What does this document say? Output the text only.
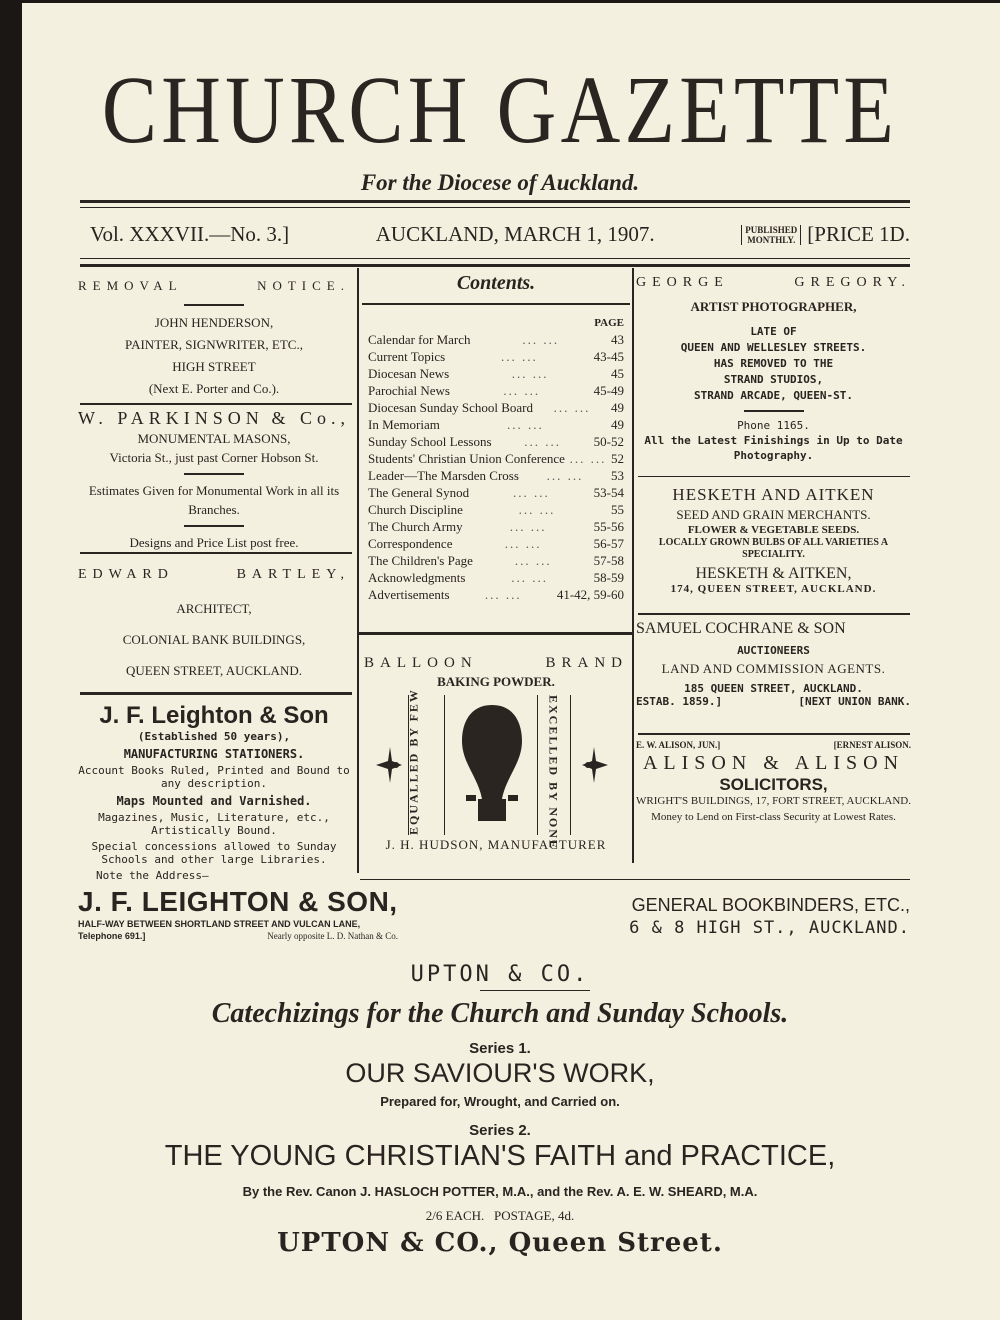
CHURCH GAZETTE
For the Diocese of Auckland.
Vol. XXXVII.—No. 3.]	AUCKLAND, MARCH 1, 1907.	PUBLISHED
MONTHLY. [PRICE 1D.
REMOVAL	NOTICE.
JOHN HENDERSON,
PAINTER, SIGNWRITER, ETC.,
HIGH STREET
(Next E. Porter and Co.).
W. PARKINSON & Co.,
MONUMENTAL MASONS,
Victoria St., just past Corner Hobson St.
Estimates Given for Monumental Work in all its Branches.
Designs and Price List post free.
EDWARD	BARTLEY,
ARCHITECT,
COLONIAL BANK BUILDINGS,
QUEEN STREET, AUCKLAND.
J. F. Leighton & Son
(Established 50 years),
MANUFACTURING STATIONERS.
Account Books Ruled, Printed and Bound to any description.
Maps Mounted and Varnished.
Magazines, Music, Literature, etc., Artistically Bound.
Special concessions allowed to Sunday Schools and other large Libraries.
Note the Address—
Contents.
PAGE
Calendar for March	... ...	43
Current Topics	... ...	43-45
Diocesan News	... ...	45
Parochial News	... ...	45-49
Diocesan Sunday School Board	... ...	49
In Memoriam	... ...	49
Sunday School Lessons	... ...	50-52
Students' Christian Union Conference ... ... 52
Leader—The Marsden Cross	... ...	53
The General Synod	... ...	53-54
Church Discipline	... ...	55
The Church Army	... ...	55-56
Correspondence	... ...	56-57
The Children's Page	... ...	57-58
Acknowledgments	... ...	58-59
Advertisements	... ...	41-42, 59-60
BALLOON	BRAND
BAKING POWDER.
EQUALLED BY FEW	EXCELLED BY NONE
J. H. HUDSON, MANUFACTURER
GEORGE	GREGORY.
ARTIST PHOTOGRAPHER,
LATE OF
QUEEN AND WELLESLEY STREETS.
HAS REMOVED TO THE
STRAND STUDIOS,
STRAND ARCADE, QUEEN-ST.
Phone 1165.
All the Latest Finishings in Up to Date Photography.
HESKETH AND AITKEN
SEED AND GRAIN MERCHANTS.
FLOWER & VEGETABLE SEEDS.
LOCALLY GROWN BULBS OF ALL VARIETIES A SPECIALITY.
HESKETH & AITKEN,
174, QUEEN STREET, AUCKLAND.
SAMUEL COCHRANE & SON
AUCTIONEERS
LAND AND COMMISSION AGENTS.
185 QUEEN STREET, AUCKLAND.
ESTAB. 1859.]	[NEXT UNION BANK.
E. W. ALISON, JUN.]	[ERNEST ALISON.
ALISON & ALISON
SOLICITORS,
WRIGHT'S BUILDINGS, 17, FORT STREET, AUCKLAND.
Money to Lend on First-class Security at Lowest Rates.
J. F. LEIGHTON & SON,	GENERAL BOOKBINDERS, ETC.,
HALF-WAY BETWEEN SHORTLAND STREET AND VULCAN LANE,
Telephone 691.]	Nearly opposite L. D. Nathan & Co.	6 & 8 HIGH ST., AUCKLAND.
UPTON & CO.
Catechizings for the Church and Sunday Schools.
Series 1.
OUR SAVIOUR'S WORK,
Prepared for, Wrought, and Carried on.
Series 2.
THE YOUNG CHRISTIAN'S FAITH and PRACTICE,
By the Rev. Canon J. HASLOCH POTTER, M.A., and the Rev. A. E. W. SHEARD, M.A.
2/6 EACH.   POSTAGE, 4d.
UPTON & CO., Queen Street.
